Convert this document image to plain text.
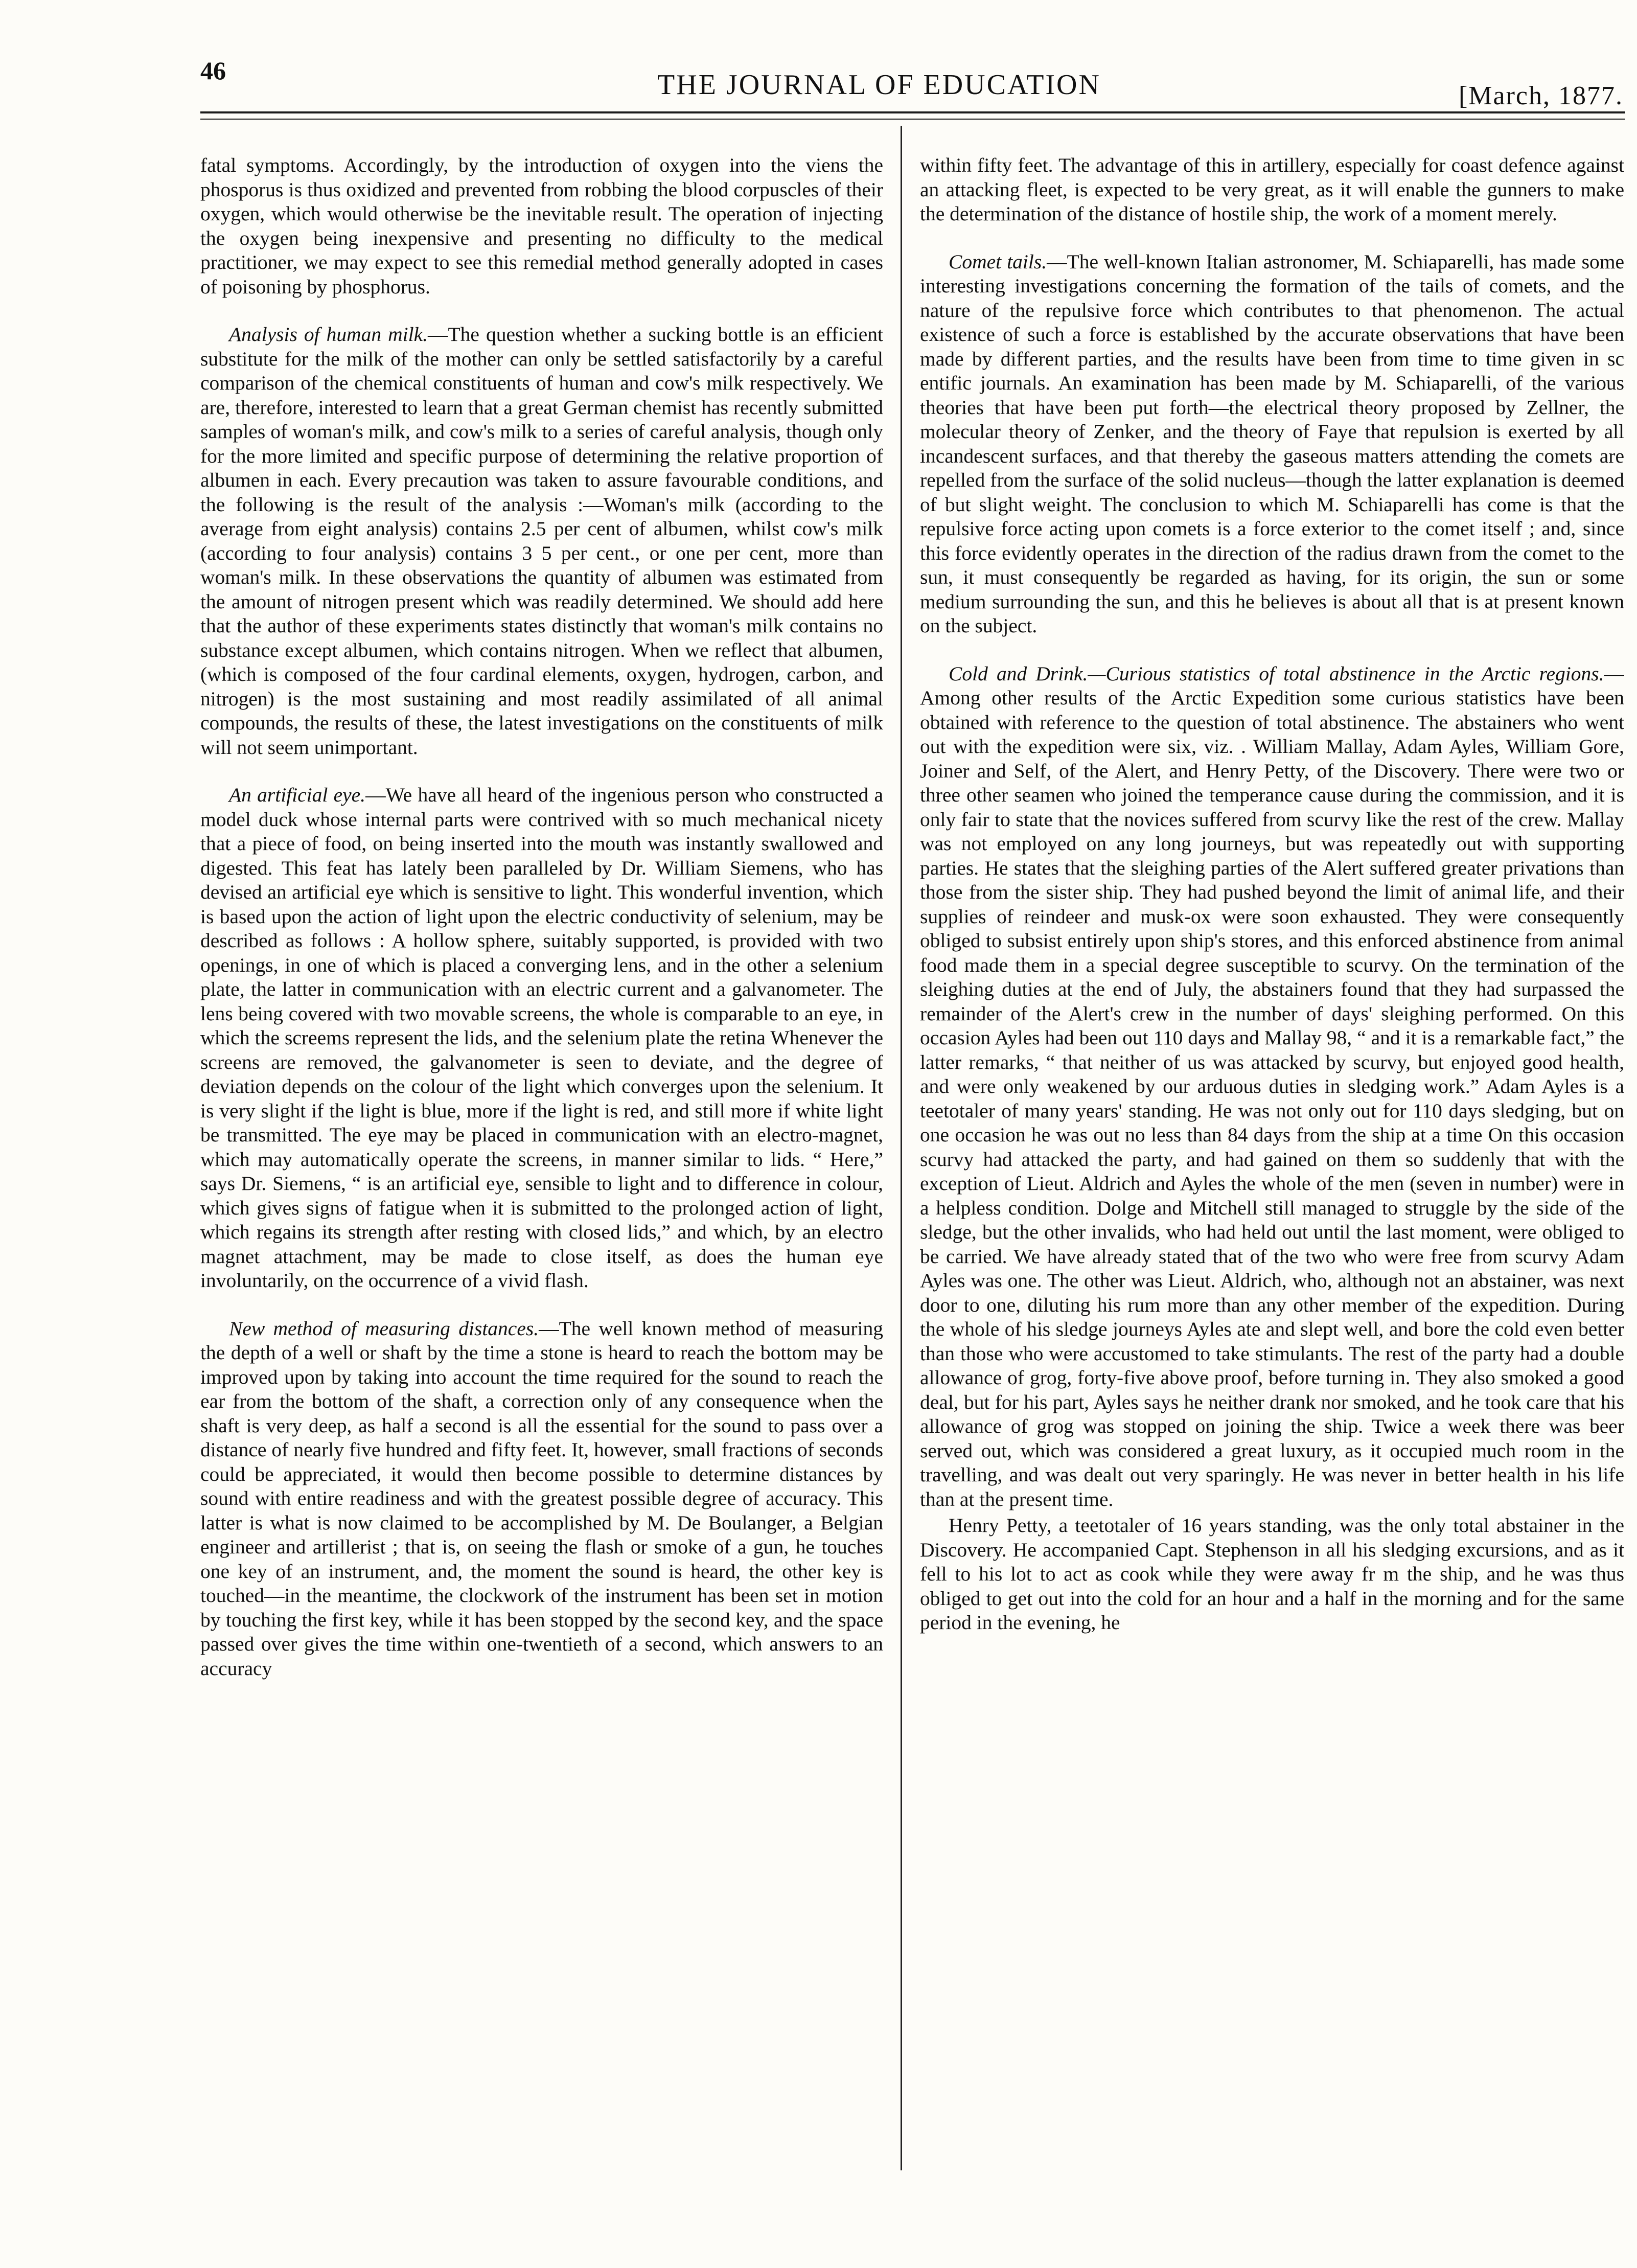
46	THE JOURNAL OF EDUCATION	[March, 1877.

fatal symptoms. Accordingly, by the introduction of oxygen into the viens the phosporus is thus oxidized and prevented from robbing the blood corpuscles of their oxygen, which would otherwise be the inevitable result. The operation of injecting the oxygen being inexpensive and presenting no difficulty to the medical practitioner, we may expect to see this remedial method generally adopted in cases of poisoning by phosphorus.

Analysis of human milk.—The question whether a sucking bottle is an efficient substitute for the milk of the mother can only be settled satisfactorily by a careful comparison of the chemical constituents of human and cow's milk respectively. We are, therefore, interested to learn that a great German chemist has recently submitted samples of woman's milk, and cow's milk to a series of careful analysis, though only for the more limited and specific purpose of determining the relative proportion of albumen in each. Every precaution was taken to assure favourable conditions, and the following is the result of the analysis :—Woman's milk (according to the average from eight analysis) contains 2.5 per cent of albumen, whilst cow's milk (according to four analysis) contains 3 5 per cent., or one per cent, more than woman's milk. In these observations the quantity of albumen was estimated from the amount of nitrogen present which was readily determined. We should add here that the author of these experiments states distinctly that woman's milk contains no substance except albumen, which contains nitrogen. When we reflect that albumen, (which is composed of the four cardinal elements, oxygen, hydrogen, carbon, and nitrogen) is the most sustaining and most readily assimilated of all animal compounds, the results of these, the latest investigations on the constituents of milk will not seem unimportant.

An artificial eye.—We have all heard of the ingenious person who constructed a model duck whose internal parts were contrived with so much mechanical nicety that a piece of food, on being inserted into the mouth was instantly swallowed and digested. This feat has lately been paralleled by Dr. William Siemens, who has devised an artificial eye which is sensitive to light. This wonderful invention, which is based upon the action of light upon the electric conductivity of selenium, may be described as follows : A hollow sphere, suitably supported, is provided with two openings, in one of which is placed a converging lens, and in the other a selenium plate, the latter in communication with an electric current and a galvanometer. The lens being covered with two movable screens, the whole is comparable to an eye, in which the screems represent the lids, and the selenium plate the retina Whenever the screens are removed, the galvanometer is seen to deviate, and the degree of deviation depends on the colour of the light which converges upon the selenium. It is very slight if the light is blue, more if the light is red, and still more if white light be transmitted. The eye may be placed in communication with an electro-magnet, which may automatically operate the screens, in manner similar to lids. “ Here,” says Dr. Siemens, “ is an artificial eye, sensible to light and to difference in colour, which gives signs of fatigue when it is submitted to the prolonged action of light, which regains its strength after resting with closed lids,” and which, by an electro magnet attachment, may be made to close itself, as does the human eye involuntarily, on the occurrence of a vivid flash.

New method of measuring distances.—The well known method of measuring the depth of a well or shaft by the time a stone is heard to reach the bottom may be improved upon by taking into account the time required for the sound to reach the ear from the bottom of the shaft, a correction only of any consequence when the shaft is very deep, as half a second is all the essential for the sound to pass over a distance of nearly five hundred and fifty feet. It, however, small fractions of seconds could be appreciated, it would then become possible to determine distances by sound with entire readiness and with the greatest possible degree of accuracy. This latter is what is now claimed to be accomplished by M. De Boulanger, a Belgian engineer and artillerist ; that is, on seeing the flash or smoke of a gun, he touches one key of an instrument, and, the moment the sound is heard, the other key is touched—in the meantime, the clockwork of the instrument has been set in motion by touching the first key, while it has been stopped by the second key, and the space passed over gives the time within one-twentieth of a second, which answers to an accuracy

within fifty feet. The advantage of this in artillery, especially for coast defence against an attacking fleet, is expected to be very great, as it will enable the gunners to make the determination of the distance of hostile ship, the work of a moment merely.

Comet tails.—The well-known Italian astronomer, M. Schiaparelli, has made some interesting investigations concerning the formation of the tails of comets, and the nature of the repulsive force which contributes to that phenomenon. The actual existence of such a force is established by the accurate observations that have been made by different parties, and the results have been from time to time given in sc entific journals. An examination has been made by M. Schiaparelli, of the various theories that have been put forth—the electrical theory proposed by Zellner, the molecular theory of Zenker, and the theory of Faye that repulsion is exerted by all incandescent surfaces, and that thereby the gaseous matters attending the comets are repelled from the surface of the solid nucleus—though the latter explanation is deemed of but slight weight. The conclusion to which M. Schiaparelli has come is that the repulsive force acting upon comets is a force exterior to the comet itself ; and, since this force evidently operates in the direction of the radius drawn from the comet to the sun, it must consequently be regarded as having, for its origin, the sun or some medium surrounding the sun, and this he believes is about all that is at present known on the subject.

Cold and Drink.—Curious statistics of total abstinence in the Arctic regions.—Among other results of the Arctic Expedition some curious statistics have been obtained with reference to the question of total abstinence. The abstainers who went out with the expedition were six, viz. . William Mallay, Adam Ayles, William Gore, Joiner and Self, of the Alert, and Henry Petty, of the Discovery. There were two or three other seamen who joined the temperance cause during the commission, and it is only fair to state that the novices suffered from scurvy like the rest of the crew. Mallay was not employed on any long journeys, but was repeatedly out with supporting parties. He states that the sleighing parties of the Alert suffered greater privations than those from the sister ship. They had pushed beyond the limit of animal life, and their supplies of reindeer and musk-ox were soon exhausted. They were consequently obliged to subsist entirely upon ship's stores, and this enforced abstinence from animal food made them in a special degree susceptible to scurvy. On the termination of the sleighing duties at the end of July, the abstainers found that they had surpassed the remainder of the Alert's crew in the number of days' sleighing performed. On this occasion Ayles had been out 110 days and Mallay 98, “ and it is a remarkable fact,” the latter remarks, “ that neither of us was attacked by scurvy, but enjoyed good health, and were only weakened by our arduous duties in sledging work.” Adam Ayles is a teetotaler of many years' standing. He was not only out for 110 days sledging, but on one occasion he was out no less than 84 days from the ship at a time On this occasion scurvy had attacked the party, and had gained on them so suddenly that with the exception of Lieut. Aldrich and Ayles the whole of the men (seven in number) were in a helpless condition. Dolge and Mitchell still managed to struggle by the side of the sledge, but the other invalids, who had held out until the last moment, were obliged to be carried. We have already stated that of the two who were free from scurvy Adam Ayles was one. The other was Lieut. Aldrich, who, although not an abstainer, was next door to one, diluting his rum more than any other member of the expedition. During the whole of his sledge journeys Ayles ate and slept well, and bore the cold even better than those who were accustomed to take stimulants. The rest of the party had a double allowance of grog, forty-five above proof, before turning in. They also smoked a good deal, but for his part, Ayles says he neither drank nor smoked, and he took care that his allowance of grog was stopped on joining the ship. Twice a week there was beer served out, which was considered a great luxury, as it occupied much room in the travelling, and was dealt out very sparingly. He was never in better health in his life than at the present time.

Henry Petty, a teetotaler of 16 years standing, was the only total abstainer in the Discovery. He accompanied Capt. Stephenson in all his sledging excursions, and as it fell to his lot to act as cook while they were away fr m the ship, and he was thus obliged to get out into the cold for an hour and a half in the morning and for the same period in the evening, he
